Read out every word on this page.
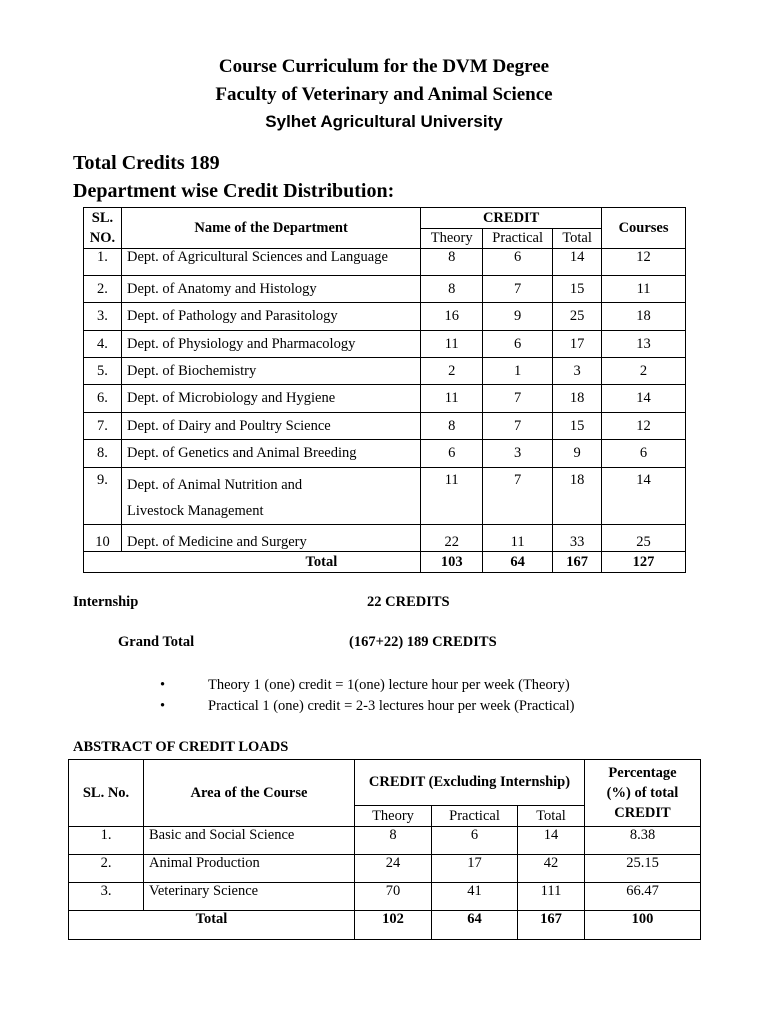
Course Curriculum for the DVM Degree
Faculty of Veterinary and Animal Science
Sylhet Agricultural University
Total Credits 189
Department wise Credit Distribution:
SL. NO.	Name of the Department	CREDIT			Courses
		Theory	Practical	Total	
1.	Dept. of Agricultural Sciences and Language	8	6	14	12
2.	Dept. of Anatomy and Histology	8	7	15	11
3.	Dept. of Pathology and Parasitology	16	9	25	18
4.	Dept. of Physiology and Pharmacology	11	6	17	13
5.	Dept. of Biochemistry	2	1	3	2
6.	Dept. of Microbiology and Hygiene	11	7	18	14
7.	Dept. of Dairy and Poultry Science	8	7	15	12
8.	Dept. of Genetics and Animal Breeding	6	3	9	6
9.	Dept. of Animal Nutrition and Livestock Management	11	7	18	14
10	Dept. of Medicine and Surgery	22	11	33	25
Total		103	64	167	127
Internship	22 CREDITS
Grand Total	(167+22) 189 CREDITS
•	Theory 1 (one) credit = 1(one) lecture hour per week (Theory)
•	Practical 1 (one) credit = 2-3 lectures hour per week (Practical)
ABSTRACT OF CREDIT LOADS
SL. No.	Area of the Course	CREDIT (Excluding Internship)			Percentage (%) of total CREDIT
		Theory	Practical	Total	
1.	Basic and Social Science	8	6	14	8.38
2.	Animal Production	24	17	42	25.15
3.	Veterinary Science	70	41	111	66.47
Total		102	64	167	100
